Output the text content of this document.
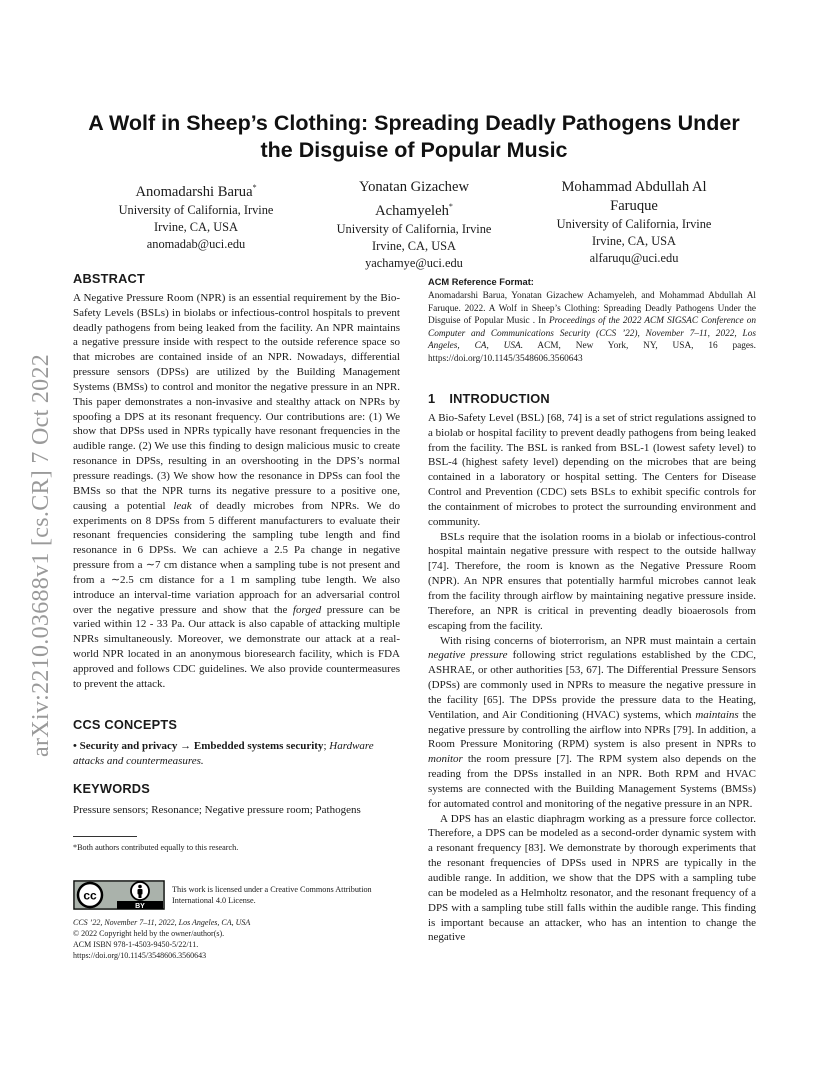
arXiv:2210.03688v1 [cs.CR] 7 Oct 2022
A Wolf in Sheep’s Clothing: Spreading Deadly Pathogens Under
the Disguise of Popular Music
Anomadarshi Barua*
University of California, Irvine
Irvine, CA, USA
anomadab@uci.edu
Yonatan Gizachew
Achamyeleh*
University of California, Irvine
Irvine, CA, USA
yachamye@uci.edu
Mohammad Abdullah Al
Faruque
University of California, Irvine
Irvine, CA, USA
alfaruqu@uci.edu
ABSTRACT

A Negative Pressure Room (NPR) is an essential requirement by the Bio-Safety Levels (BSLs) in biolabs or infectious-control hospitals to prevent deadly pathogens from being leaked from the facility. An NPR maintains a negative pressure inside with respect to the outside reference space so that microbes are contained inside of an NPR. Nowadays, differential pressure sensors (DPSs) are utilized by the Building Management Systems (BMSs) to control and monitor the negative pressure in an NPR. This paper demonstrates a non-invasive and stealthy attack on NPRs by spoofing a DPS at its resonant frequency. Our contributions are: (1) We show that DPSs used in NPRs typically have resonant frequencies in the audible range. (2) We use this finding to design malicious music to create resonance in DPSs, resulting in an overshooting in the DPS’s normal pressure readings. (3) We show how the resonance in DPSs can fool the BMSs so that the NPR turns its negative pressure to a positive one, causing a potential leak of deadly microbes from NPRs. We do experiments on 8 DPSs from 5 different manufacturers to evaluate their resonant frequencies considering the sampling tube length and find resonance in 6 DPSs. We can achieve a 2.5 Pa change in negative pressure from a ∼7 cm distance when a sampling tube is not present and from a ∼2.5 cm distance for a 1 m sampling tube length. We also introduce an interval-time variation approach for an adversarial control over the negative pressure and show that the forged pressure can be varied within 12 - 33 Pa. Our attack is also capable of attacking multiple NPRs simultaneously. Moreover, we demonstrate our attack at a real-world NPR located in an anonymous bioresearch facility, which is FDA approved and follows CDC guidelines. We also provide countermeasures to prevent the attack.

CCS CONCEPTS
• Security and privacy → Embedded systems security; Hardware attacks and countermeasures.
KEYWORDS
Pressure sensors; Resonance; Negative pressure room; Pathogens
*Both authors contributed equally to this research.
cc
BY
This work is licensed under a Creative Commons Attribution International 4.0 License.
CCS ’22, November 7–11, 2022, Los Angeles, CA, USA
© 2022 Copyright held by the owner/author(s).
ACM ISBN 978-1-4503-9450-5/22/11.
https://doi.org/10.1145/3548606.3560643
ACM Reference Format:
Anomadarshi Barua, Yonatan Gizachew Achamyeleh, and Mohammad Abdullah Al Faruque. 2022. A Wolf in Sheep’s Clothing: Spreading Deadly Pathogens Under the Disguise of Popular Music . In Proceedings of the 2022 ACM SIGSAC Conference on Computer and Communications Security (CCS ’22), November 7–11, 2022, Los Angeles, CA, USA. ACM, New York, NY, USA, 16 pages. https://doi.org/10.1145/3548606.3560643
1 INTRODUCTION

A Bio-Safety Level (BSL) [68, 74] is a set of strict regulations assigned to a biolab or hospital facility to prevent deadly pathogens from being leaked from the facility. The BSL is ranked from BSL-1 (lowest safety level) to BSL-4 (highest safety level) depending on the microbes that are being contained in a laboratory or hospital setting. The Centers for Disease Control and Prevention (CDC) sets BSLs to exhibit specific controls for the containment of microbes to protect the surrounding environment and community.

BSLs require that the isolation rooms in a biolab or infectious-control hospital maintain negative pressure with respect to the outside hallway [74]. Therefore, the room is known as the Negative Pressure Room (NPR). An NPR ensures that potentially harmful microbes cannot leak from the facility through airflow by maintaining negative pressure inside. Therefore, an NPR is critical in preventing deadly bioaerosols from escaping from the facility.

With rising concerns of bioterrorism, an NPR must maintain a certain negative pressure following strict regulations established by the CDC, ASHRAE, or other authorities [53, 67]. The Differential Pressure Sensors (DPSs) are commonly used in NPRs to measure the negative pressure in the facility [65]. The DPSs provide the pressure data to the Heating, Ventilation, and Air Conditioning (HVAC) systems, which maintains the negative pressure by controlling the airflow into NPRs [79]. In addition, a Room Pressure Monitoring (RPM) system is also present in NPRs to monitor the room pressure [7]. The RPM system also depends on the reading from the DPSs installed in an NPR. Both RPM and HVAC systems are connected with the Building Management Systems (BMSs) for automated control and monitoring of the negative pressure in an NPR.

A DPS has an elastic diaphragm working as a pressure force collector. Therefore, a DPS can be modeled as a second-order dynamic system with a resonant frequency [83]. We demonstrate by thorough experiments that the resonant frequencies of DPSs used in NPRS are typically in the audible range. In addition, we show that the DPS with a sampling tube can be modeled as a Helmholtz resonator, and the resonant frequency of a DPS with a sampling tube still falls within the audible range. This finding is important because an attacker, who has an intention to change the negative
